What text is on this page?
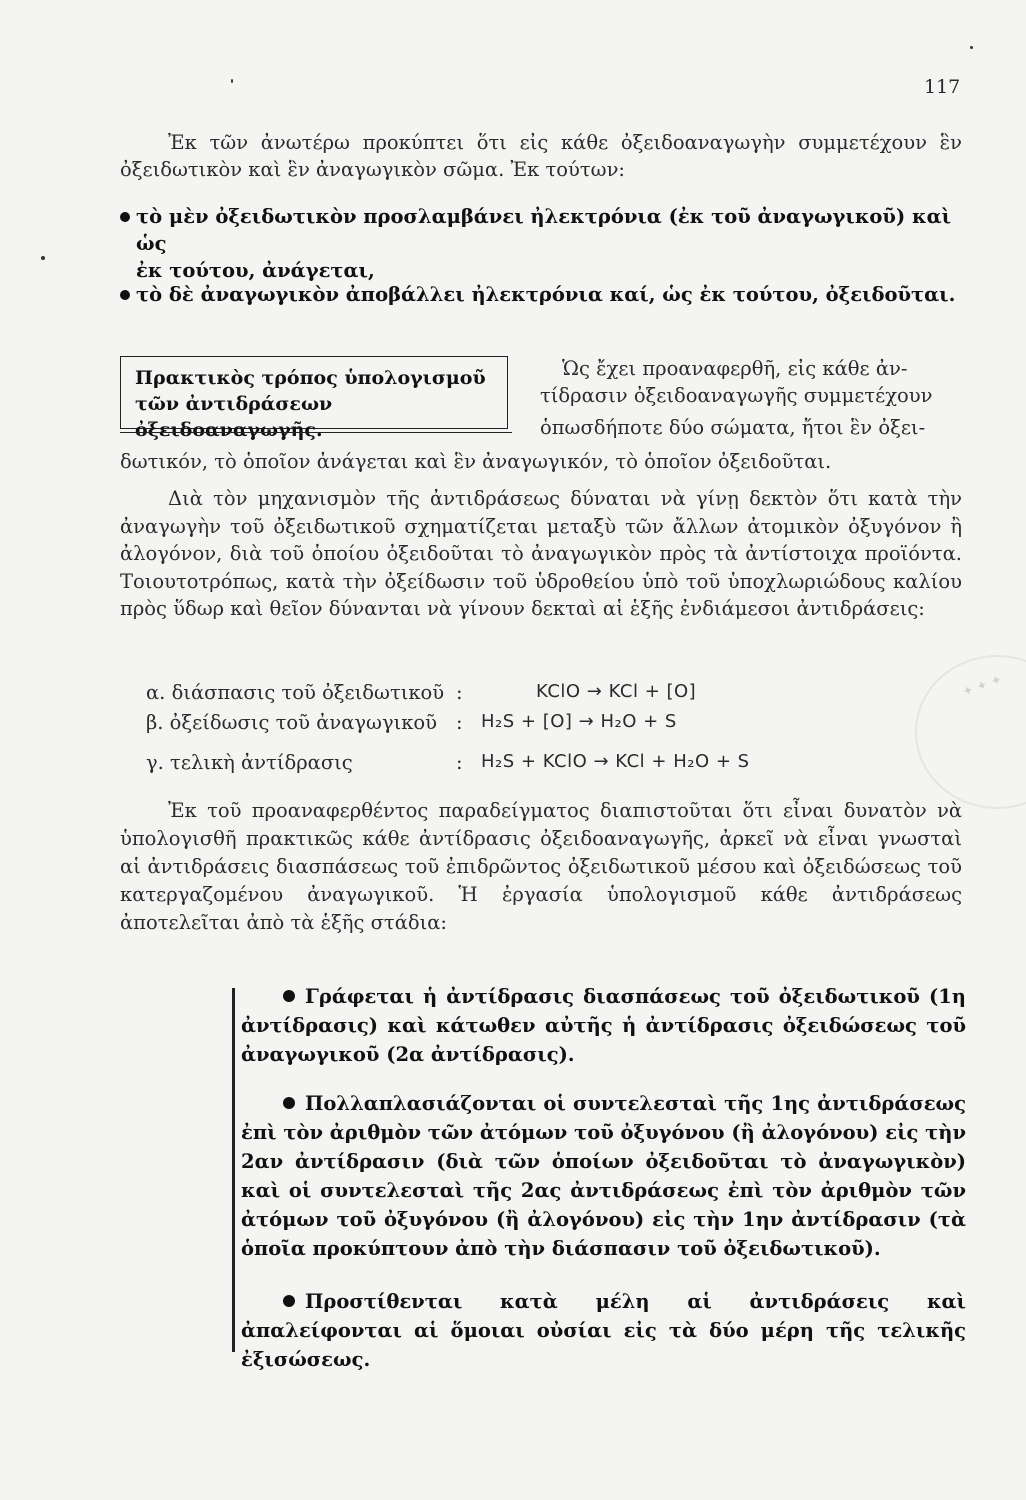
117

Ἐκ τῶν ἀνωτέρω προκύπτει ὅτι εἰς κάθε ὀξειδοαναγωγὴν συμμετέχουν ἓν ὀξειδωτικὸν καὶ ἓν ἀναγωγικὸν σῶμα. Ἐκ τούτων:

τὸ μὲν ὀξειδωτικὸν προσλαμβάνει ἠλεκτρόνια (ἐκ τοῦ ἀναγωγικοῦ) καὶ ὡς
ἐκ τούτου, ἀνάγεται,
τὸ δὲ ἀναγωγικὸν ἀποβάλλει ἠλεκτρόνια καί, ὡς ἐκ τούτου, ὀξειδοῦται.
Πρακτικὸς τρόπος ὑπολογισμοῦ
τῶν ἀντιδράσεων ὀξειδοαναγωγῆς.
Ὡς ἔχει προαναφερθῆ, εἰς κάθε ἀν-
τίδρασιν ὀξειδοαναγωγῆς συμμετέχουν
ὁπωσδήποτε δύο σώματα, ἤτοι ἓν ὀξει-
δωτικόν, τὸ ὁποῖον ἀνάγεται καὶ ἓν ἀναγωγικόν, τὸ ὁποῖον ὀξειδοῦται.

Διὰ τὸν μηχανισμὸν τῆς ἀντιδράσεως δύναται νὰ γίνῃ δεκτὸν ὅτι κατὰ τὴν ἀναγωγὴν τοῦ ὀξειδωτικοῦ σχηματίζεται μεταξὺ τῶν ἄλλων ἀτομικὸν ὀξυγόνον ἢ ἀλογόνον, διὰ τοῦ ὁποίου ὀξειδοῦται τὸ ἀναγωγικὸν πρὸς τὰ ἀντίστοιχα προϊόντα. Τοιουτοτρόπως, κατὰ τὴν ὀξείδωσιν τοῦ ὑδροθείου ὑπὸ τοῦ ὑποχλωριώδους καλίου πρὸς ὕδωρ καὶ θεῖον δύνανται νὰ γίνουν δεκταὶ αἱ ἑξῆς ἐνδιάμεσοι ἀντιδράσεις:

α. διάσπασις τοῦ ὀξειδωτικοῦ :	KClO → KCl + [O]
β. ὀξείδωσις τοῦ ἀναγωγικοῦ : H₂S + [O] → H₂O + S
γ. τελικὴ ἀντίδρασις	: H₂S + KClO → KCl + H₂O + S

Ἐκ τοῦ προαναφερθέντος παραδείγματος διαπιστοῦται ὅτι εἶναι δυνατὸν νὰ ὑπολογισθῆ πρακτικῶς κάθε ἀντίδρασις ὀξειδοαναγωγῆς, ἀρκεῖ νὰ εἶναι γνωσταὶ αἱ ἀντιδράσεις διασπάσεως τοῦ ἐπιδρῶντος ὀξειδωτικοῦ μέσου καὶ ὀξειδώσεως τοῦ κατεργαζομένου ἀναγωγικοῦ. Ἡ ἐργασία ὑπολογισμοῦ κάθε ἀντιδράσεως ἀποτελεῖται ἀπὸ τὰ ἑξῆς στάδια:

Γράφεται ἡ ἀντίδρασις διασπάσεως τοῦ ὀξειδωτικοῦ (1η ἀντίδρασις) καὶ κάτωθεν αὐτῆς ἡ ἀντίδρασις ὀξειδώσεως τοῦ ἀναγωγικοῦ (2α ἀντίδρασις).

Πολλαπλασιάζονται οἱ συντελεσταὶ τῆς 1ης ἀντιδράσεως ἐπὶ τὸν ἀριθμὸν τῶν ἀτόμων τοῦ ὀξυγόνου (ἢ ἀλογόνου) εἰς τὴν 2αν ἀντίδρασιν (διὰ τῶν ὁποίων ὀξειδοῦται τὸ ἀναγωγικὸν) καὶ οἱ συντελεσταὶ τῆς 2ας ἀντιδράσεως ἐπὶ τὸν ἀριθμὸν τῶν ἀτόμων τοῦ ὀξυγόνου (ἢ ἀλογόνου) εἰς τὴν 1ην ἀντίδρασιν (τὰ ὁποῖα προκύπτουν ἀπὸ τὴν διάσπασιν τοῦ ὀξειδωτικοῦ).

Προστίθενται κατὰ μέλη αἱ ἀντιδράσεις καὶ ἀπαλείφονται αἱ ὅμοιαι οὐσίαι εἰς τὰ δύο μέρη τῆς τελικῆς ἐξισώσεως.

✦ ✦ ✦
